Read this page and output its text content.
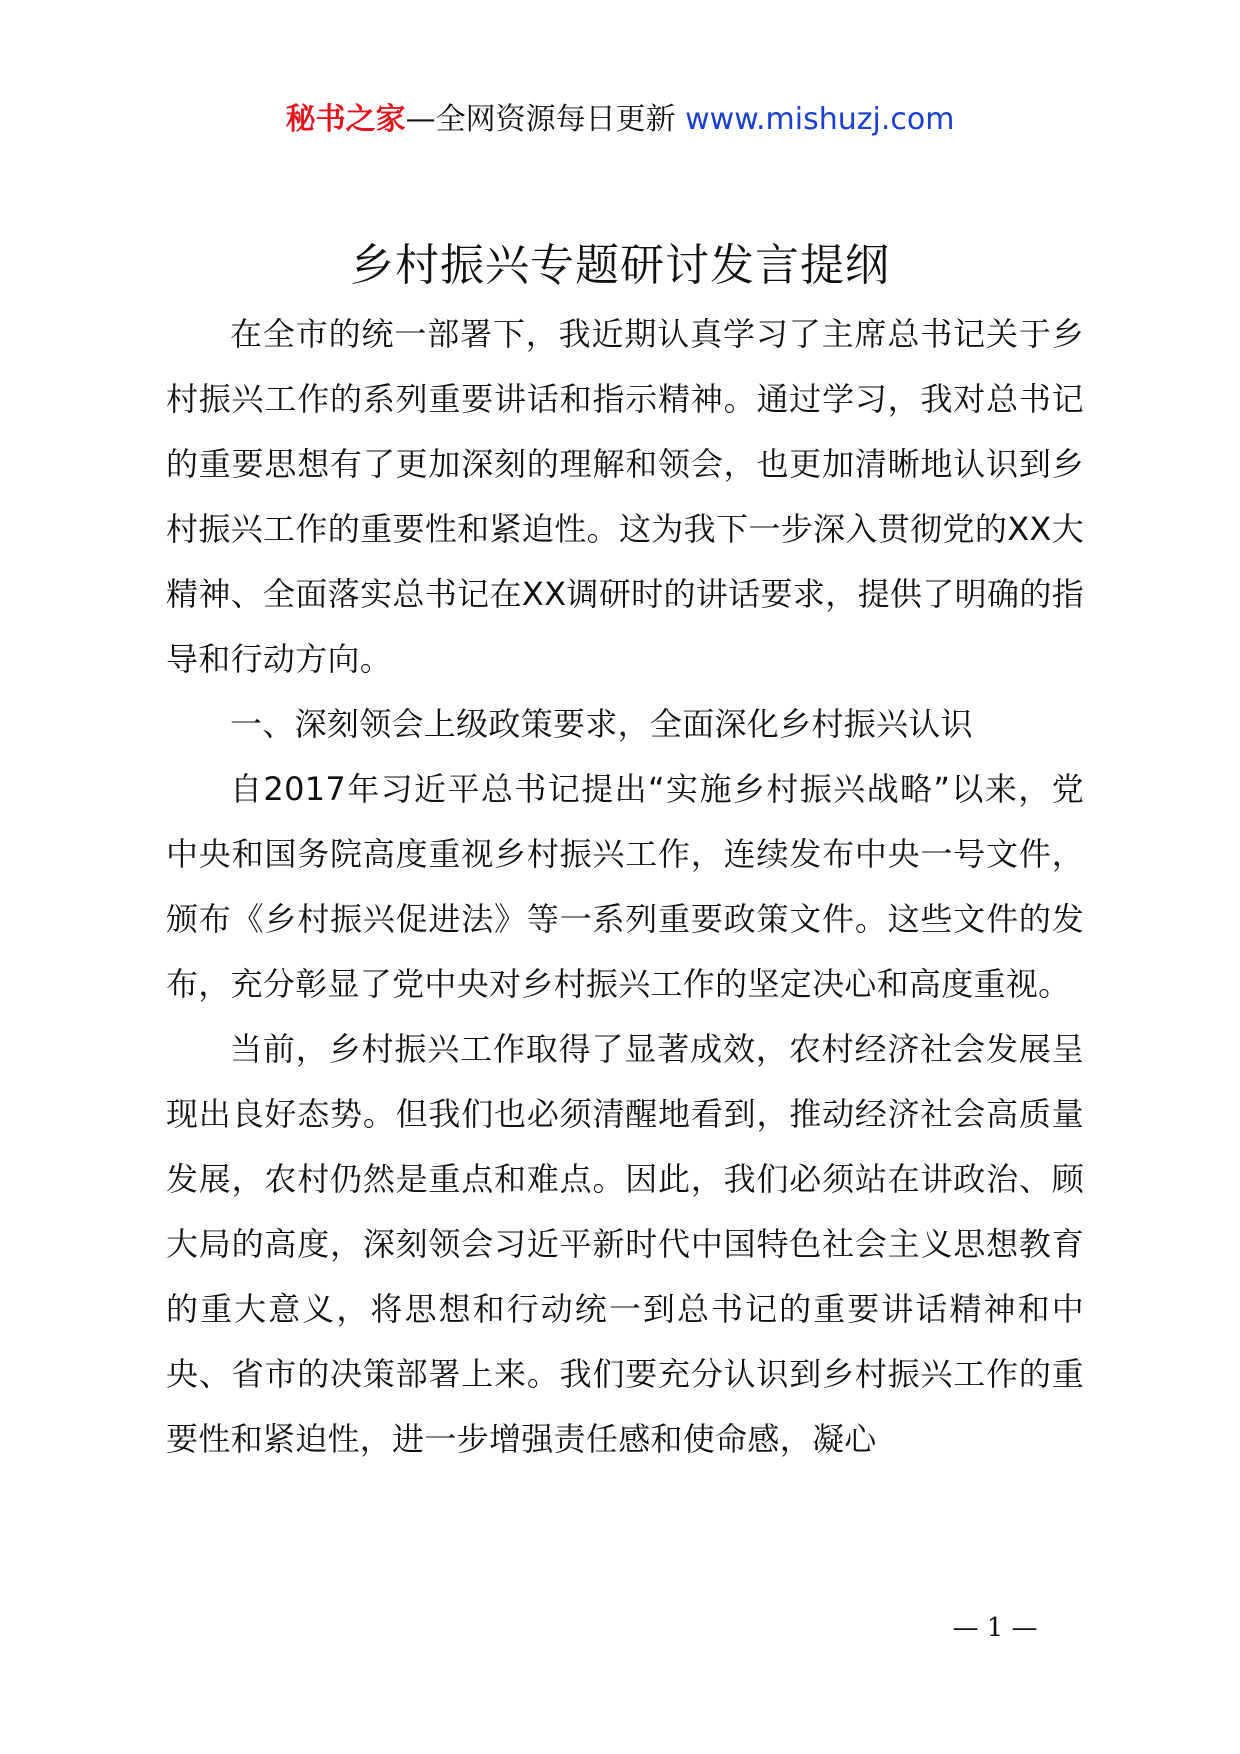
秘书之家—全网资源每日更新 www.mishuzj.com
乡村振兴专题研讨发言提纲

在全市的统一部署下，我近期认真学习了主席总书记关于乡村振兴工作的系列重要讲话和指示精神。通过学习，我对总书记的重要思想有了更加深刻的理解和领会，也更加清晰地认识到乡村振兴工作的重要性和紧迫性。这为我下一步深入贯彻党的XX大精神、全面落实总书记在XX调研时的讲话要求，提供了明确的指导和行动方向。

一、深刻领会上级政策要求，全面深化乡村振兴认识

自2017年习近平总书记提出“实施乡村振兴战略”以来，党中央和国务院高度重视乡村振兴工作，连续发布中央一号文件，颁布《乡村振兴促进法》等一系列重要政策文件。这些文件的发布，充分彰显了党中央对乡村振兴工作的坚定决心和高度重视。

当前，乡村振兴工作取得了显著成效，农村经济社会发展呈现出良好态势。但我们也必须清醒地看到，推动经济社会高质量发展，农村仍然是重点和难点。因此，我们必须站在讲政治、顾大局的高度，深刻领会习近平新时代中国特色社会主义思想教育的重大意义，将思想和行动统一到总书记的重要讲话精神和中央、省市的决策部署上来。我们要充分认识到乡村振兴工作的重要性和紧迫性，进一步增强责任感和使命感，凝心

— 1 —
